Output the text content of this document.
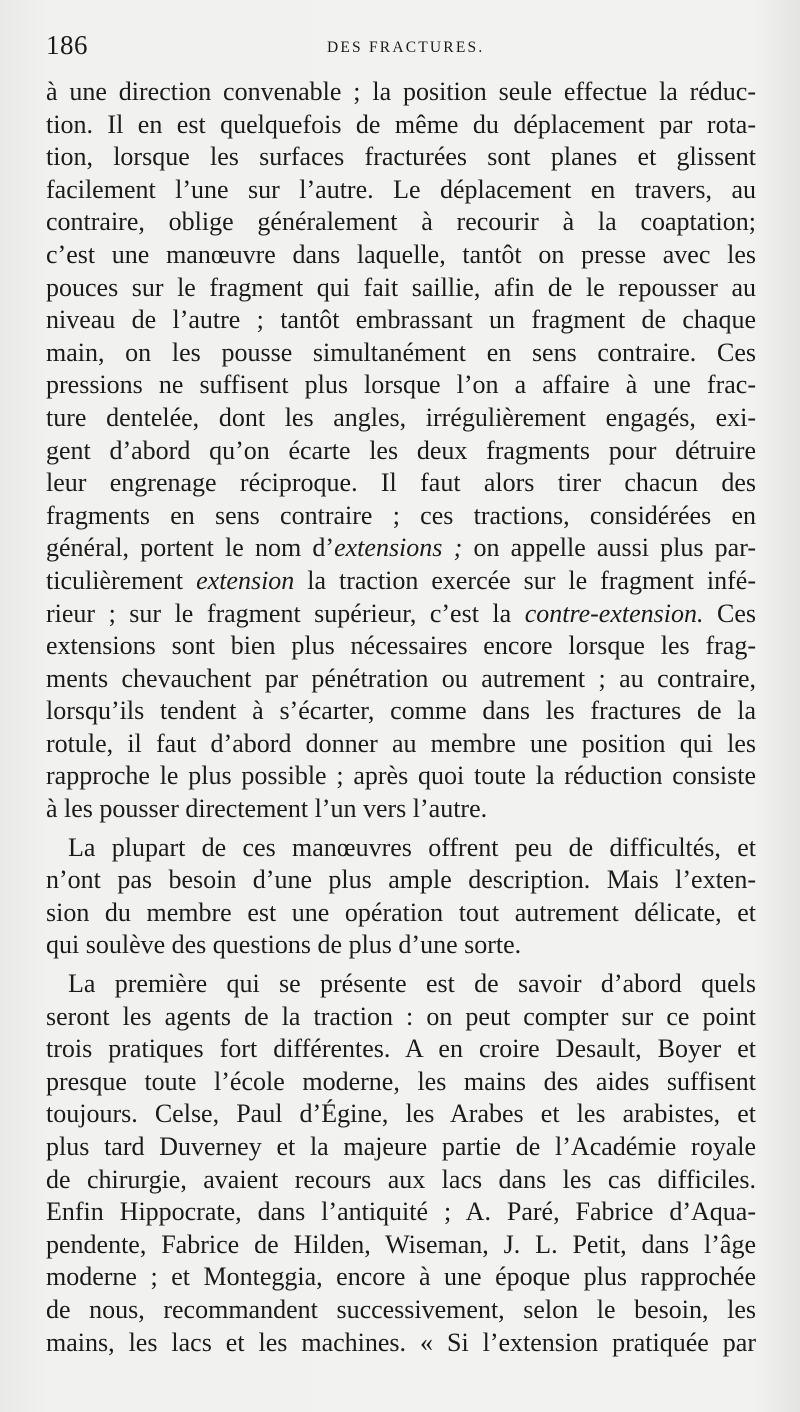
186	DES FRACTURES.
à une direction convenable ; la position seule effectue la réduc-
tion. Il en est quelquefois de même du déplacement par rota-
tion, lorsque les surfaces fracturées sont planes et glissent
facilement l’une sur l’autre. Le déplacement en travers, au
contraire, oblige généralement à recourir à la coaptation;
c’est une manœuvre dans laquelle, tantôt on presse avec les
pouces sur le fragment qui fait saillie, afin de le repousser au
niveau de l’autre ; tantôt embrassant un fragment de chaque
main, on les pousse simultanément en sens contraire. Ces
pressions ne suffisent plus lorsque l’on a affaire à une frac-
ture dentelée, dont les angles, irrégulièrement engagés, exi-
gent d’abord qu’on écarte les deux fragments pour détruire
leur engrenage réciproque. Il faut alors tirer chacun des
fragments en sens contraire ; ces tractions, considérées en
général, portent le nom d’extensions ; on appelle aussi plus par-
ticulièrement extension la traction exercée sur le fragment infé-
rieur ; sur le fragment supérieur, c’est la contre-extension. Ces
extensions sont bien plus nécessaires encore lorsque les frag-
ments chevauchent par pénétration ou autrement ; au contraire,
lorsqu’ils tendent à s’écarter, comme dans les fractures de la
rotule, il faut d’abord donner au membre une position qui les
rapproche le plus possible ; après quoi toute la réduction consiste
à les pousser directement l’un vers l’autre.
La plupart de ces manœuvres offrent peu de difficultés, et
n’ont pas besoin d’une plus ample description. Mais l’exten-
sion du membre est une opération tout autrement délicate, et
qui soulève des questions de plus d’une sorte.
La première qui se présente est de savoir d’abord quels
seront les agents de la traction : on peut compter sur ce point
trois pratiques fort différentes. A en croire Desault, Boyer et
presque toute l’école moderne, les mains des aides suffisent
toujours. Celse, Paul d’Égine, les Arabes et les arabistes, et
plus tard Duverney et la majeure partie de l’Académie royale
de chirurgie, avaient recours aux lacs dans les cas difficiles.
Enfin Hippocrate, dans l’antiquité ; A. Paré, Fabrice d’Aqua-
pendente, Fabrice de Hilden, Wiseman, J. L. Petit, dans l’âge
moderne ; et Monteggia, encore à une époque plus rapprochée
de nous, recommandent successivement, selon le besoin, les
mains, les lacs et les machines. « Si l’extension pratiquée par
